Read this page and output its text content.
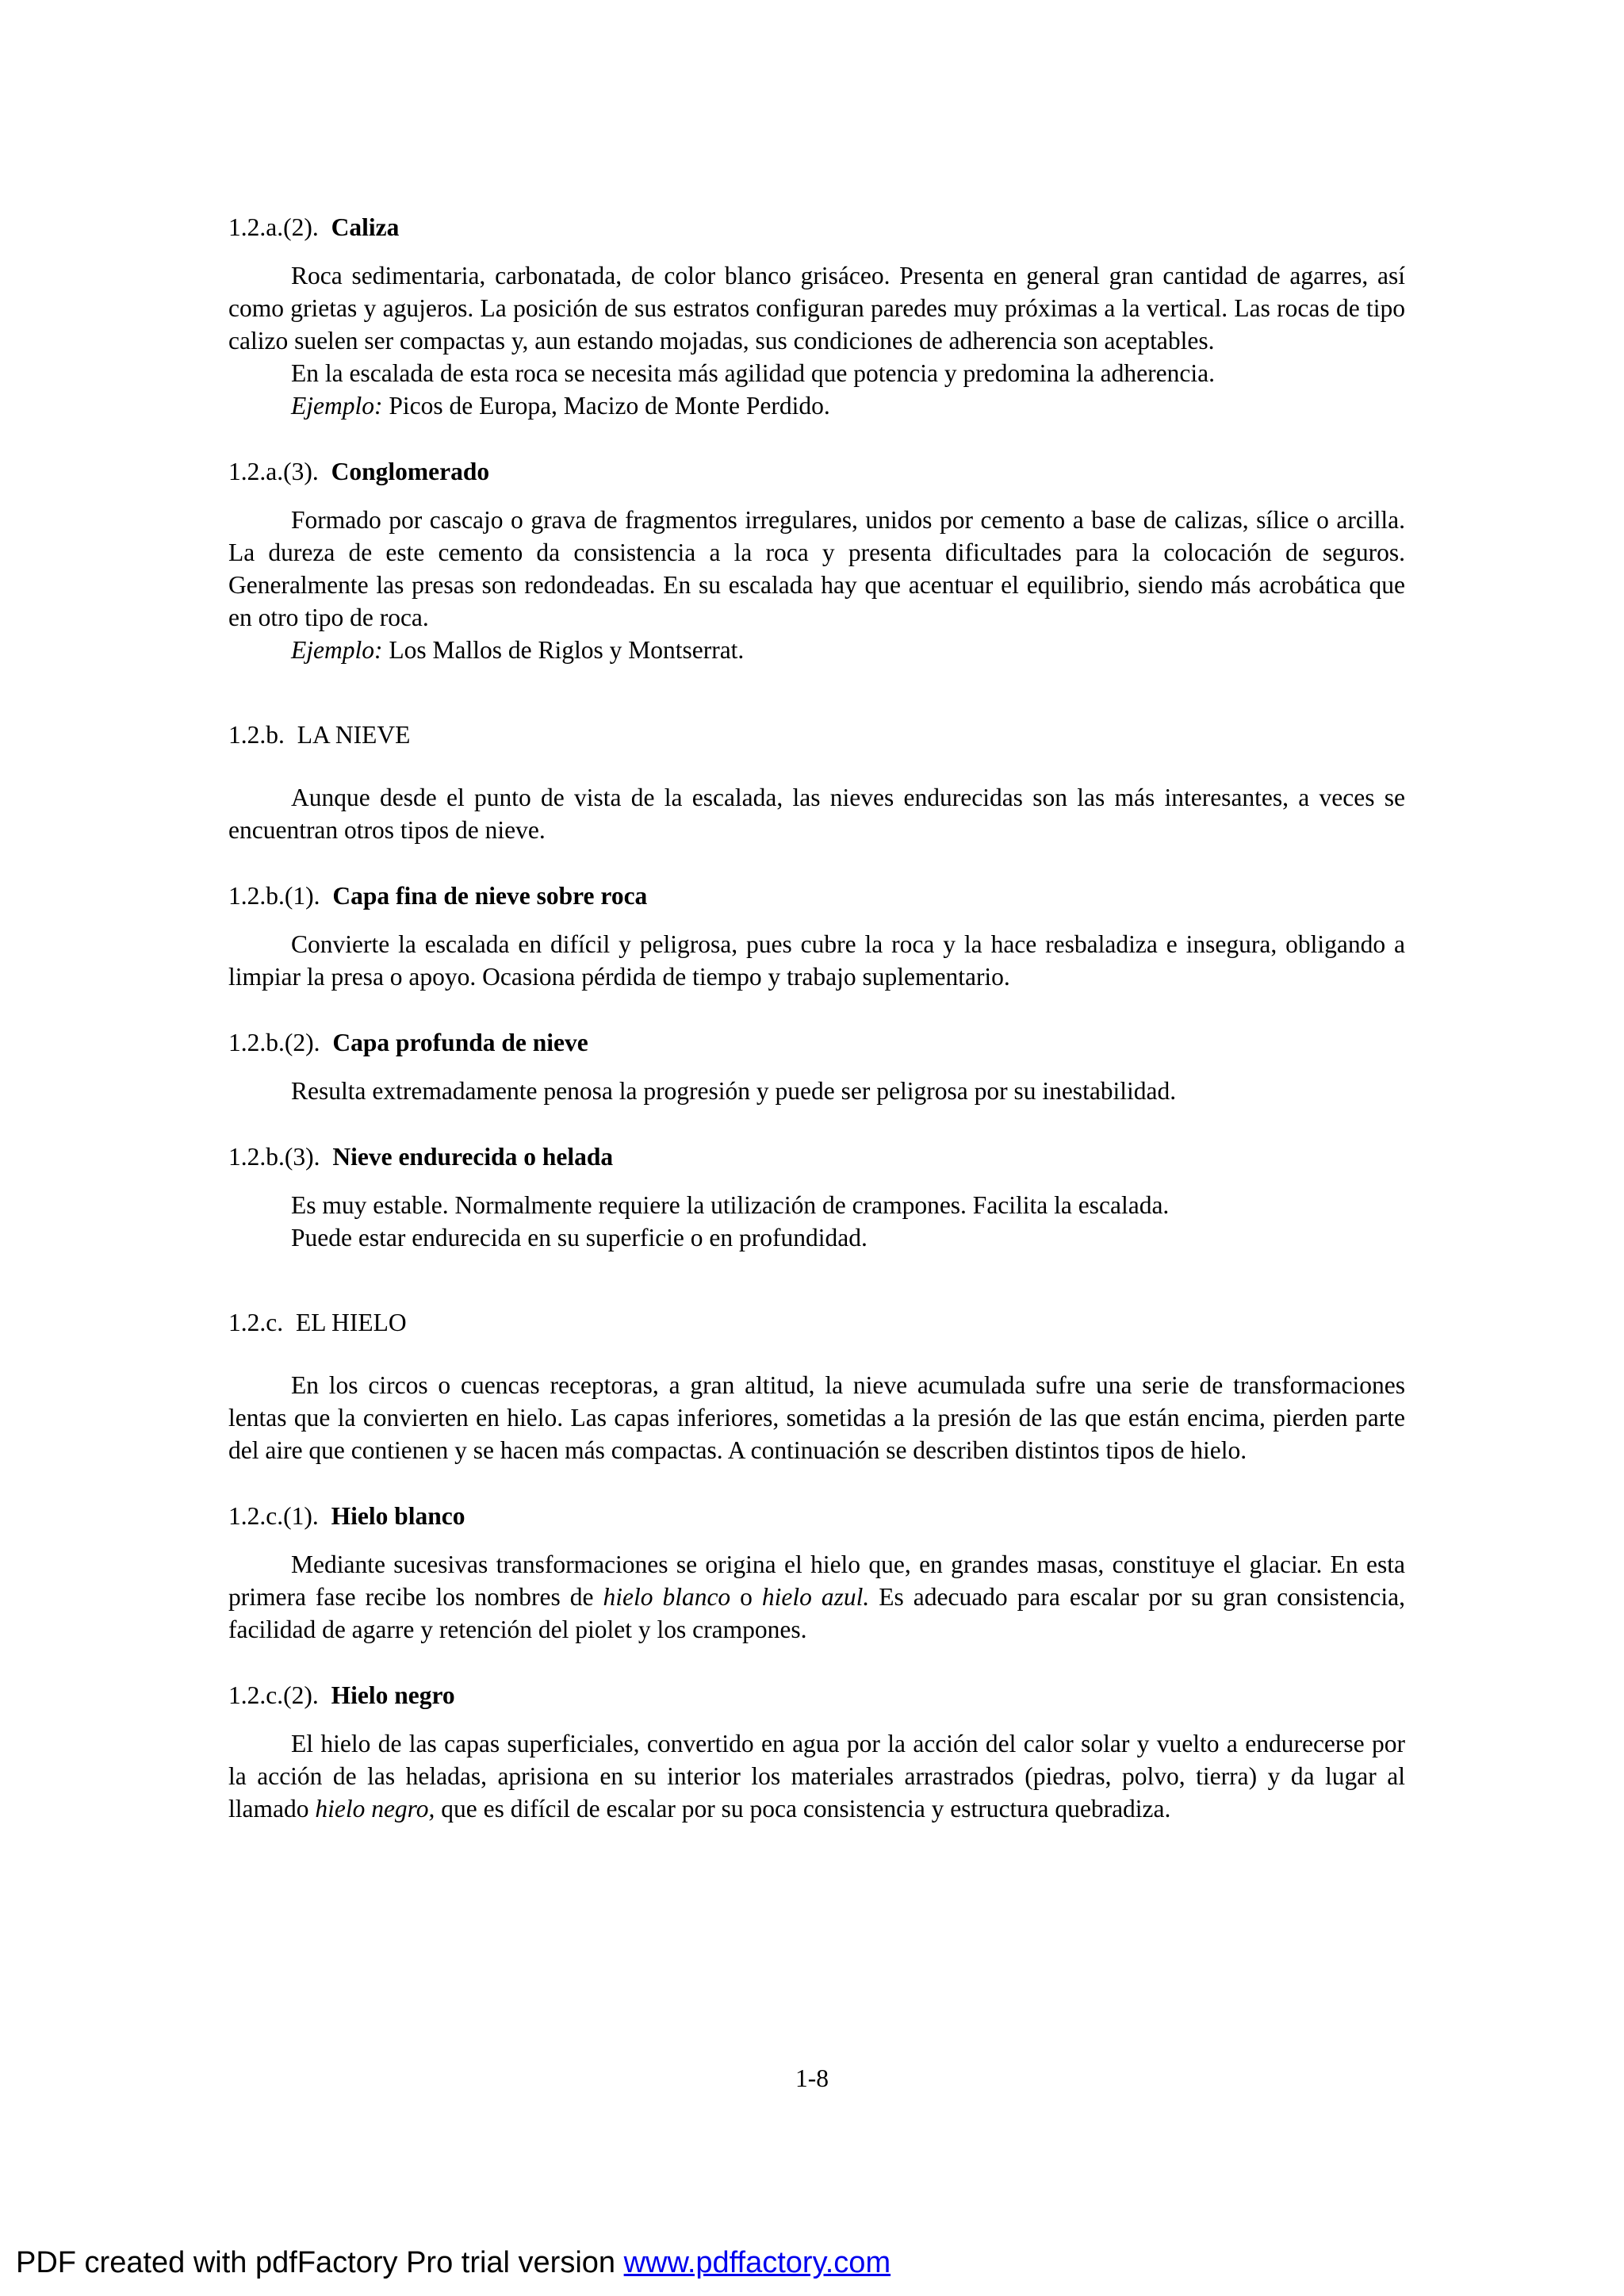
1.2.a.(2). Caliza

Roca sedimentaria, carbonatada, de color blanco grisáceo. Presenta en general gran cantidad de agarres, así como grietas y agujeros. La posición de sus estratos configuran paredes muy próximas a la vertical. Las rocas de tipo calizo suelen ser compactas y, aun estando mojadas, sus condiciones de adherencia son aceptables.

En la escalada de esta roca se necesita más agilidad que potencia y predomina la adherencia.

Ejemplo: Picos de Europa, Macizo de Monte Perdido.

1.2.a.(3). Conglomerado

Formado por cascajo o grava de fragmentos irregulares, unidos por cemento a base de calizas, sílice o arcilla. La dureza de este cemento da consistencia a la roca y presenta dificultades para la colocación de seguros. Generalmente las presas son redondeadas. En su escalada hay que acentuar el equilibrio, siendo más acrobática que en otro tipo de roca.

Ejemplo: Los Mallos de Riglos y Montserrat.

1.2.b. LA NIEVE

Aunque desde el punto de vista de la escalada, las nieves endurecidas son las más interesantes, a veces se encuentran otros tipos de nieve.

1.2.b.(1). Capa fina de nieve sobre roca

Convierte la escalada en difícil y peligrosa, pues cubre la roca y la hace resbaladiza e insegura, obligando a limpiar la presa o apoyo. Ocasiona pérdida de tiempo y trabajo suplementario.

1.2.b.(2). Capa profunda de nieve

Resulta extremadamente penosa la progresión y puede ser peligrosa por su inestabilidad.

1.2.b.(3). Nieve endurecida o helada

Es muy estable. Normalmente requiere la utilización de crampones. Facilita la escalada.

Puede estar endurecida en su superficie o en profundidad.

1.2.c. EL HIELO

En los circos o cuencas receptoras, a gran altitud, la nieve acumulada sufre una serie de transformaciones lentas que la convierten en hielo. Las capas inferiores, sometidas a la presión de las que están encima, pierden parte del aire que contienen y se hacen más compactas. A continuación se describen distintos tipos de hielo.

1.2.c.(1). Hielo blanco

Mediante sucesivas transformaciones se origina el hielo que, en grandes masas, constituye el glaciar. En esta primera fase recibe los nombres de hielo blanco o hielo azul. Es adecuado para escalar por su gran consistencia, facilidad de agarre y retención del piolet y los crampones.

1.2.c.(2). Hielo negro

El hielo de las capas superficiales, convertido en agua por la acción del calor solar y vuelto a endurecerse por la acción de las heladas, aprisiona en su interior los materiales arrastrados (piedras, polvo, tierra) y da lugar al llamado hielo negro, que es difícil de escalar por su poca consistencia y estructura quebradiza.

1-8
PDF created with pdfFactory Pro trial version www.pdffactory.com
